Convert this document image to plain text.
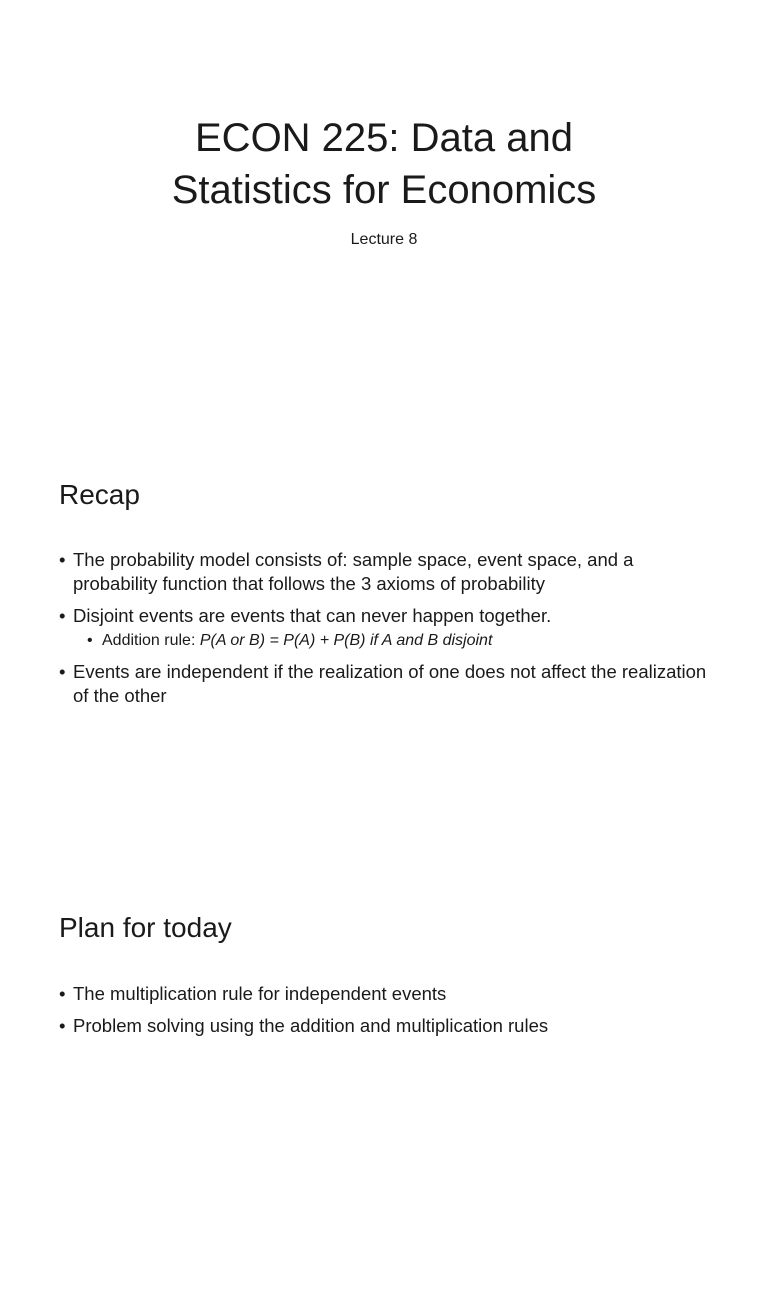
ECON 225: Data and
Statistics for Economics

Lecture 8

Recap
• The probability model consists of: sample space, event space, and a probability function that follows the 3 axioms of probability
• Disjoint events are events that can never happen together.
• Addition rule: P(A or B) = P(A) + P(B) if A and B disjoint
• Events are independent if the realization of one does not affect the realization of the other
Plan for today
• The multiplication rule for independent events
• Problem solving using the addition and multiplication rules
